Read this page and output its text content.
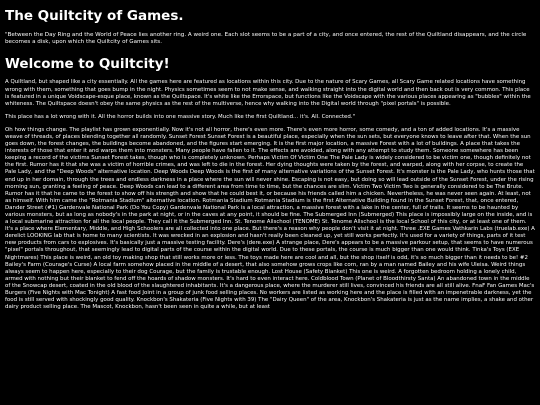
The Quiltcity of Games.

"Between the Day Ring and the World of Peace lies another ring. A weird one. Each slot seems to be a part of a city, and once entered, the rest of the Quiltland disappears, and the circle becomes a disk, upon which the Quiltcity of Games sits.

Welcome to Quiltcity!

A Quiltland, but shaped like a city essentially. All the games here are featured as locations within this city. Due to the nature of Scary Games, all Scary Game related locations have something wrong with them, something that goes bump in the night. Physics sometimes seem to not make sense, and walking straight into the digital world and then back out is very common. This place is featured in a unique Voidscape-esque place, known as the Quiltspace. It's white like the Errorspace, but functions like the Voidscape with the various places appearing as "bubbles" within the whiteness. The Quiltspace doesn't obey the same physics as the rest of the multiverse, hence why walking into the Digital world through "pixel portals" is possible.

This place has a lot wrong with it. All the horror builds into one massive story. Much like the first Quiltland... it's. All. Connected."

Oh how things change. The playlist has grown exponentially. Now it's not all horror, there's even more. There's even more horror, some comedy, and a ton of added locations. It's a massive weave of threads, of places blending together all randomly. Sunset Forest Sunset Forest is a beautiful place, especially when the sun sets, but everyone knows to leave after that. When the sun goes down, the forest changes, the buildings become abandoned, and the figures start emerging. It is the first major location, a massive Forest with a lot of buildings. A place that takes the interests of those that enter it and warps them into monsters. Many people have fallen to it. The effects are avoided, along with any attempt to study them. Someone somewhere has been keeping a record of the victims Sunset Forest takes, though who is completely unknown. Perhaps Victim Of Victim One The Pale Lady is widely considered to be victim one, though definitely not the first. Rumor has it that she was a victim of horrible crimes, and was left to die in the forest. Her dying thoughts were taken by the forest, and warped, along with her corpse, to create the Pale Lady, and the "Deep Woods" alternative location. Deep Woods Deep Woods is the first of many alternative variations of the Sunset Forest. It's monster is the Pale Lady, who hunts those that end up in her domain, through the trees and endless darkness in a place where the sun will never shine. Escaping is not easy, but doing so will lead outside of the Sunset Forest, under the rising morning sun, granting a feeling of peace. Deep Woods can lead to a different area from time to time, but the chances are slim. Victim Two Victim Two is generally considered to be The Brute. Rumor has it that he came to the forest to show off his strength and show that he could best it, or because his friends called him a chicken. Nevertheless, he was never seen again. At least, not as himself. With him came the "Rotmania Stadium" alternative location. Rotmania Stadium Rotmania Stadium is the first Alternative Building found in the Sunset Forest, that, once entered, Dander Street (#1) Gardenvale National Park (Do You Copy) Gardenvale National Park is a local attraction, a massive forest with a lake in the center, full of trails. It seems to be haunted by various monsters, but as long as nobody's in the park at night, or in the caves at any point, it should be fine. The Submerged Inn (Submerged) This place is impossibly large on the inside, and is a local submarine attraction for all the local people. They call it the Submerged Inn. St. Tenome Allschool (TENOME) St. Tenome Allschool is the local School of this city, or at least one of them. It's a place where Elementary, Middle, and High Schoolers are all collected into one place. But there's a reason why people don't visit it at night. Three .EXE Games Vathkarin Labs (truelab.exe) A derelict LOOKING lab that is home to many scientists. It was wrecked in an explosion and hasn't really been cleaned up, yet still works perfectly. It's used for a variety of things, parts of it test new products from cars to explosives. It's basically just a massive testing facility. Dere's (dere.exe) A strange place, Dere's appears to be a massive parkour setup, that seems to have numerous "pixel" portals throughout, that seemingly lead to digital parts of the course within the digital world. Due to these portals, the course is much bigger than one would think. Tinka's Toys (EXE Nightmares) This place is weird, an old toy making shop that still works more or less. The toys made here are cool and all, but the shop itself is odd, it's so much bigger than it needs to be! #2 Bailey's Farm (Courage's Curse) A local farm somehow placed in the middle of a desert, that also somehow grows crops like corn, ran by a man named Bailey and his wife Uleisa. Weird things always seem to happen here, especially to their dog Courage, but the family is trustable enough. Lost House (Safety Blanket) This one is weird. A forgotten bedroom holding a lonely child, armed with nothing but their blanket to fend off the hoards of shadow monsters. It's hard to even interact here. Coldblood Town (Planet of Bloodthirsty Santa) An abandoned town in the middle of the Snowcap desert, coated in the old blood of the slaughtered inhabitants. It's a dangerous place, where the murderer still lives, convinced his friends are all still alive. FnaF Fan Games Mac's Burgers (Five Nights with Mac Tonight) A fast food Joint in a group of junk food selling places. No workers are listed as working here and the place is filled with an impenetrable darkness, yet the food is still served with shockingly good quality. Knockbon's Shakateria (Five Nights with 39) The "Dairy Queen" of the area, Knockbon's Shakateria is just as the name implies, a shake and other dairy product selling place. The Mascot, Knockbon, hasn't been seen in quite a while, but at least
